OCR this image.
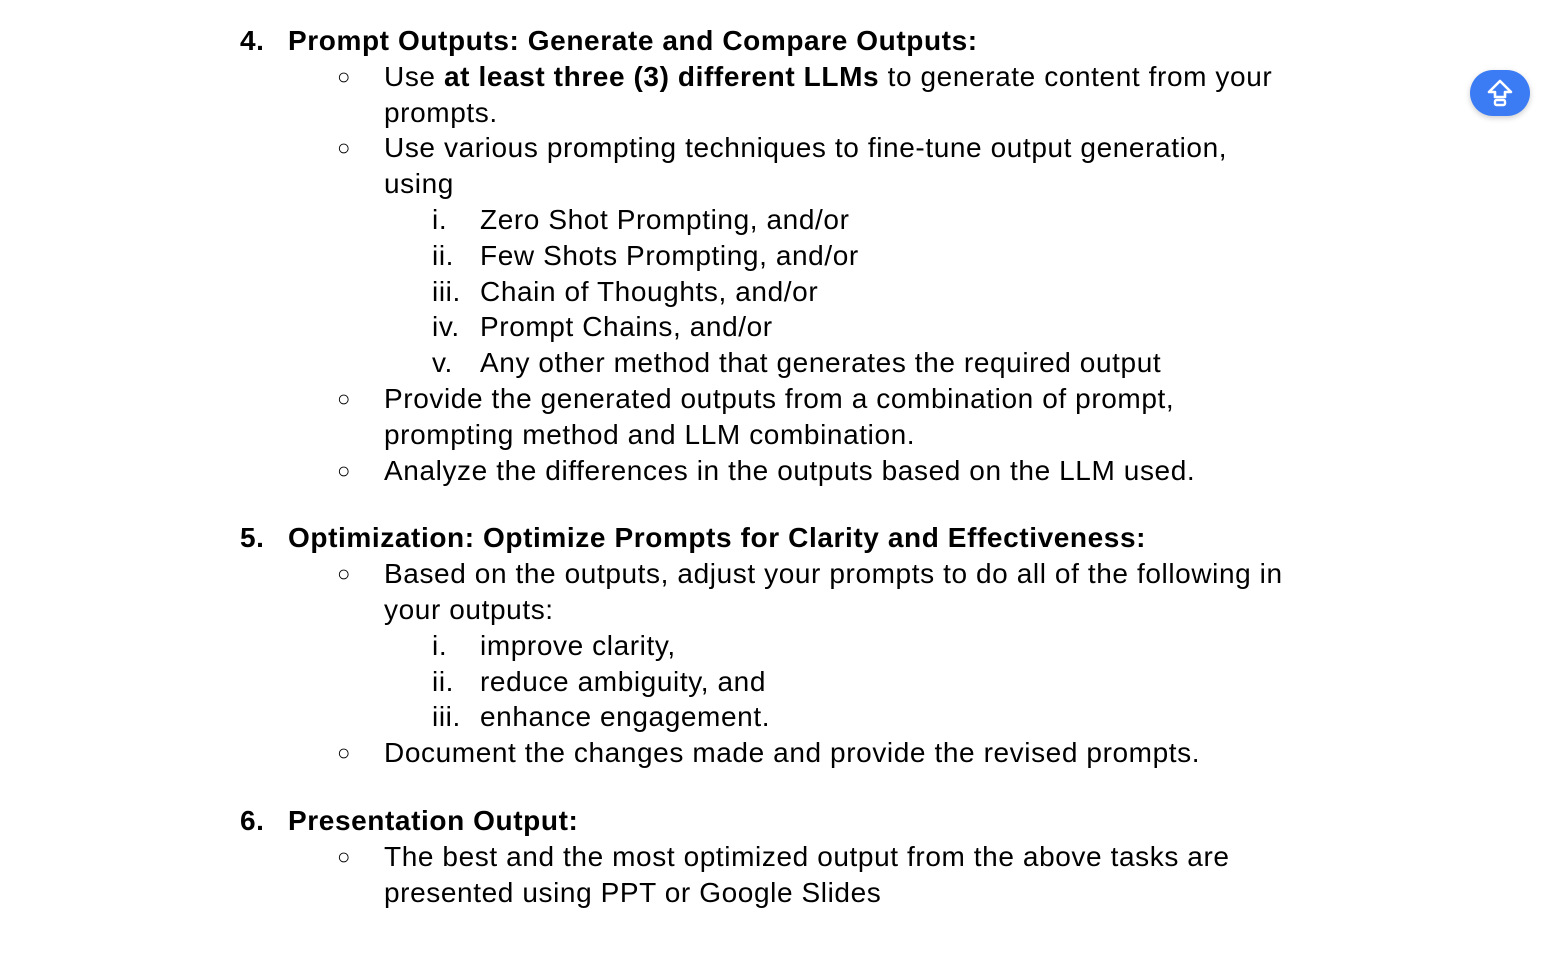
4. Prompt Outputs: Generate and Compare Outputs:
○ Use at least three (3) different LLMs to generate content from your
prompts.
○ Use various prompting techniques to fine-tune output generation,
using
i. Zero Shot Prompting, and/or
ii. Few Shots Prompting, and/or
iii. Chain of Thoughts, and/or
iv. Prompt Chains, and/or
v. Any other method that generates the required output
○ Provide the generated outputs from a combination of prompt,
prompting method and LLM combination.
○ Analyze the differences in the outputs based on the LLM used.
5. Optimization: Optimize Prompts for Clarity and Effectiveness:
○ Based on the outputs, adjust your prompts to do all of the following in
your outputs:
i. improve clarity,
ii. reduce ambiguity, and
iii. enhance engagement.
○ Document the changes made and provide the revised prompts.
6. Presentation Output:
○ The best and the most optimized output from the above tasks are
presented using PPT or Google Slides
